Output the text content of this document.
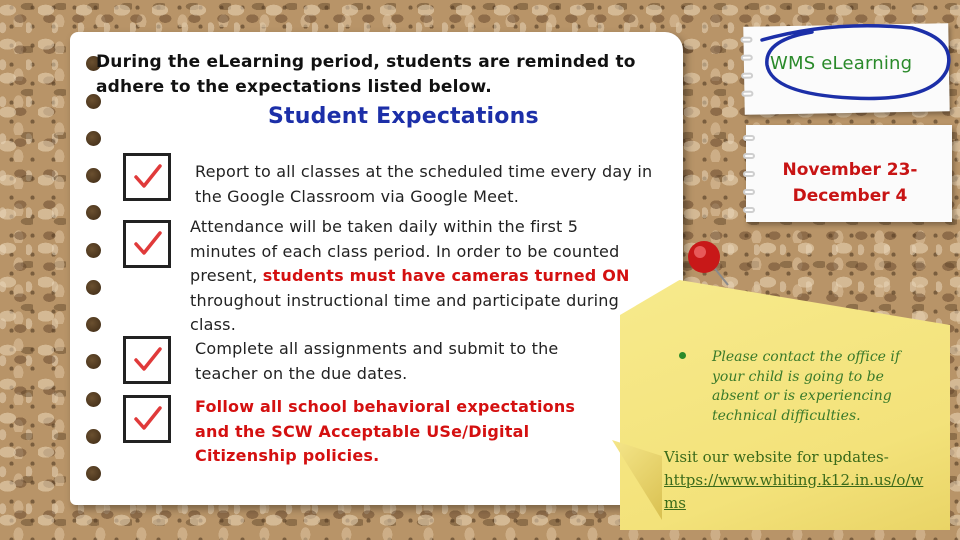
During the eLearning period, students are reminded to adhere to the expectations listed below.
Student Expectations
Report to all classes at the scheduled time every day in the Google Classroom via Google Meet.
Attendance will be taken daily within the first 5 minutes of each class period. In order to be counted present, students must have cameras turned ON throughout instructional time and participate during class.
Complete all assignments and submit to the teacher on the due dates.
Follow all school behavioral expectations and the SCW Acceptable USe/Digital Citizenship policies.
WMS eLearning
November 23-December 4
Please contact the office if your child is going to be absent or is experiencing technical difficulties.
Visit our website for updates-
https://www.whiting.k12.in.us/o/wms
